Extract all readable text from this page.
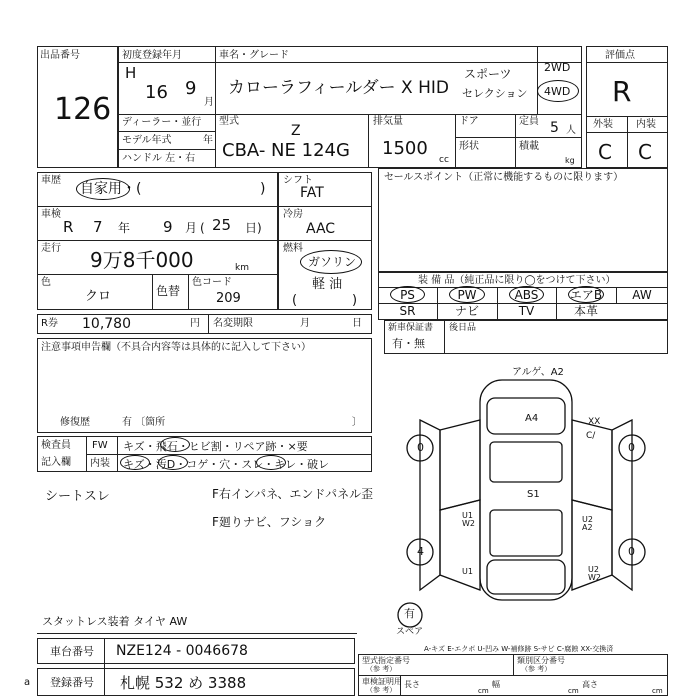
出品番号
126
初度登録年月
H
16 9
月
ディーラー・並行
モデル年式	年
ハンドル 左・右
車名・グレード
カローラフィールダー X HID
スポーツ
セレクション
2WD
4WD
型式
Z
CBA- NE 124G
排気量
1500
cc
ドア	定員 5 人
形状	積載
kg
評価点
R
外装 内装
C C
車歴
自家用・(	)
車検
R 7 年 9 月 ( 25 日)
走行 9万8千000	km
色
クロ	色替
色コード
209
シフト
FAT
冷房
AAC
燃料
ガソリン
軽 油
(	)
セールスポイント（正常に機能するものに限ります）
装 備 品（純正品に限り◯をつけて下さい）
R券 10,780	円 名変期限	月	日	新車保証書
有・無
後日品
注意事項申告欄（不具合内容等は具体的に記入して下さい）
修復歴	有 〔箇所	〕
検査員
記入欄
FW キズ・飛石・ヒビ割・リペア跡・×要
内装 キズ・汚D・コゲ・穴・スレ・キレ・破レ
シートスレ	F右インパネ、エンドパネル歪
F廻りナビ、フショク
スタットレス装着 タイヤ AW
アルゲ、A2
A4
S1
XX
C/
0	0
4	0
U1
W2
U1
U2
A2
U2
W2
有
スペア
A-キズ E-エクボ U-凹み W-補修跡 S-サビ C-腐蝕 XX-交換済
車台番号 NZE124 - 0046678
登録番号 札幌 532 め 3388
a
型式指定番号
（参 考）
類別区分番号
（参 考）
車検証明用
（参 考）
長さ
cm
幅
cm
高さ
cm
PS	PW	ABS	エアB	AW
SR	ナビ	TV	本革
